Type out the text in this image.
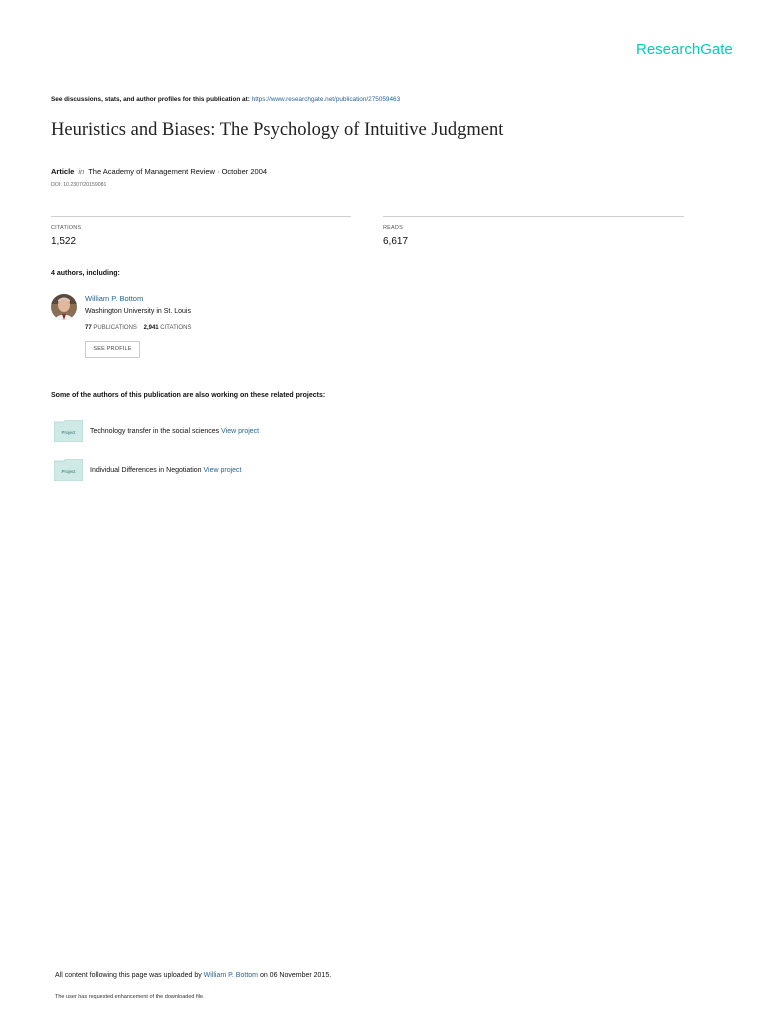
ResearchGate
See discussions, stats, and author profiles for this publication at: https://www.researchgate.net/publication/275059463
Heuristics and Biases: The Psychology of Intuitive Judgment
Article in The Academy of Management Review · October 2004
DOI: 10.2307/20159081
CITATIONS
1,522
READS
6,617
4 authors, including:
William P. Bottom
Washington University in St. Louis
77 PUBLICATIONS 2,941 CITATIONS
SEE PROFILE
Some of the authors of this publication are also working on these related projects:
Project Technology transfer in the social sciences View project
Project Individual Differences in Negotiation View project
All content following this page was uploaded by William P. Bottom on 06 November 2015.
The user has requested enhancement of the downloaded file.
